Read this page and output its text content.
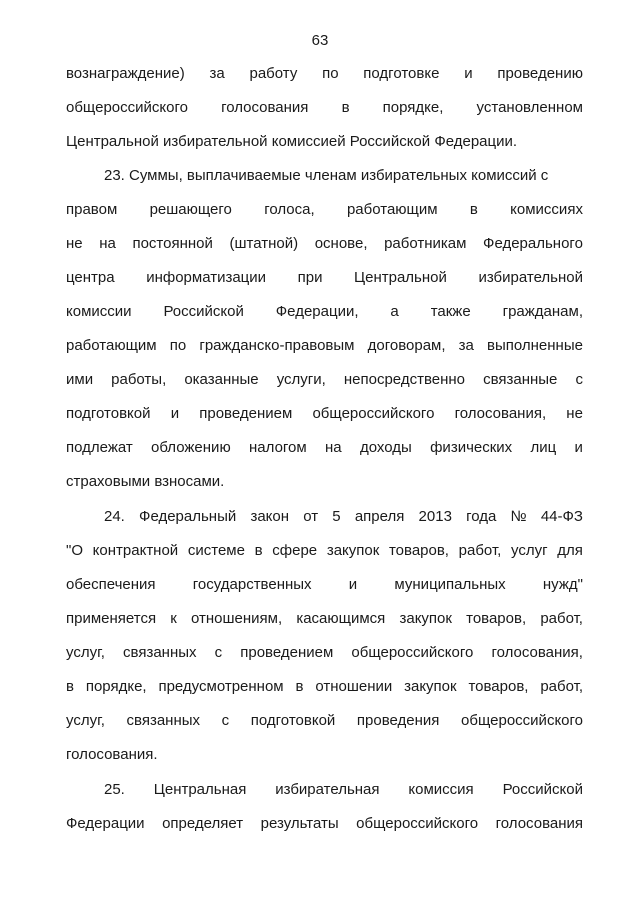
63
вознаграждение) за работу по подготовке и проведению
общероссийского голосования в порядке, установленном
Центральной избирательной комиссией Российской Федерации.
23. Суммы, выплачиваемые членам избирательных комиссий с
правом решающего голоса, работающим в комиссиях
не на постоянной (штатной) основе, работникам Федерального
центра информатизации при Центральной избирательной
комиссии Российской Федерации, а также гражданам,
работающим по гражданско-правовым договорам, за выполненные
ими работы, оказанные услуги, непосредственно связанные с
подготовкой и проведением общероссийского голосования, не
подлежат обложению налогом на доходы физических лиц и
страховыми взносами.
24. Федеральный закон от 5 апреля 2013 года № 44-ФЗ
"О контрактной системе в сфере закупок товаров, работ, услуг для
обеспечения государственных и муниципальных нужд"
применяется к отношениям, касающимся закупок товаров, работ,
услуг, связанных с проведением общероссийского голосования,
в порядке, предусмотренном в отношении закупок товаров, работ,
услуг, связанных с подготовкой проведения общероссийского
голосования.
25. Центральная избирательная комиссия Российской
Федерации определяет результаты общероссийского голосования
